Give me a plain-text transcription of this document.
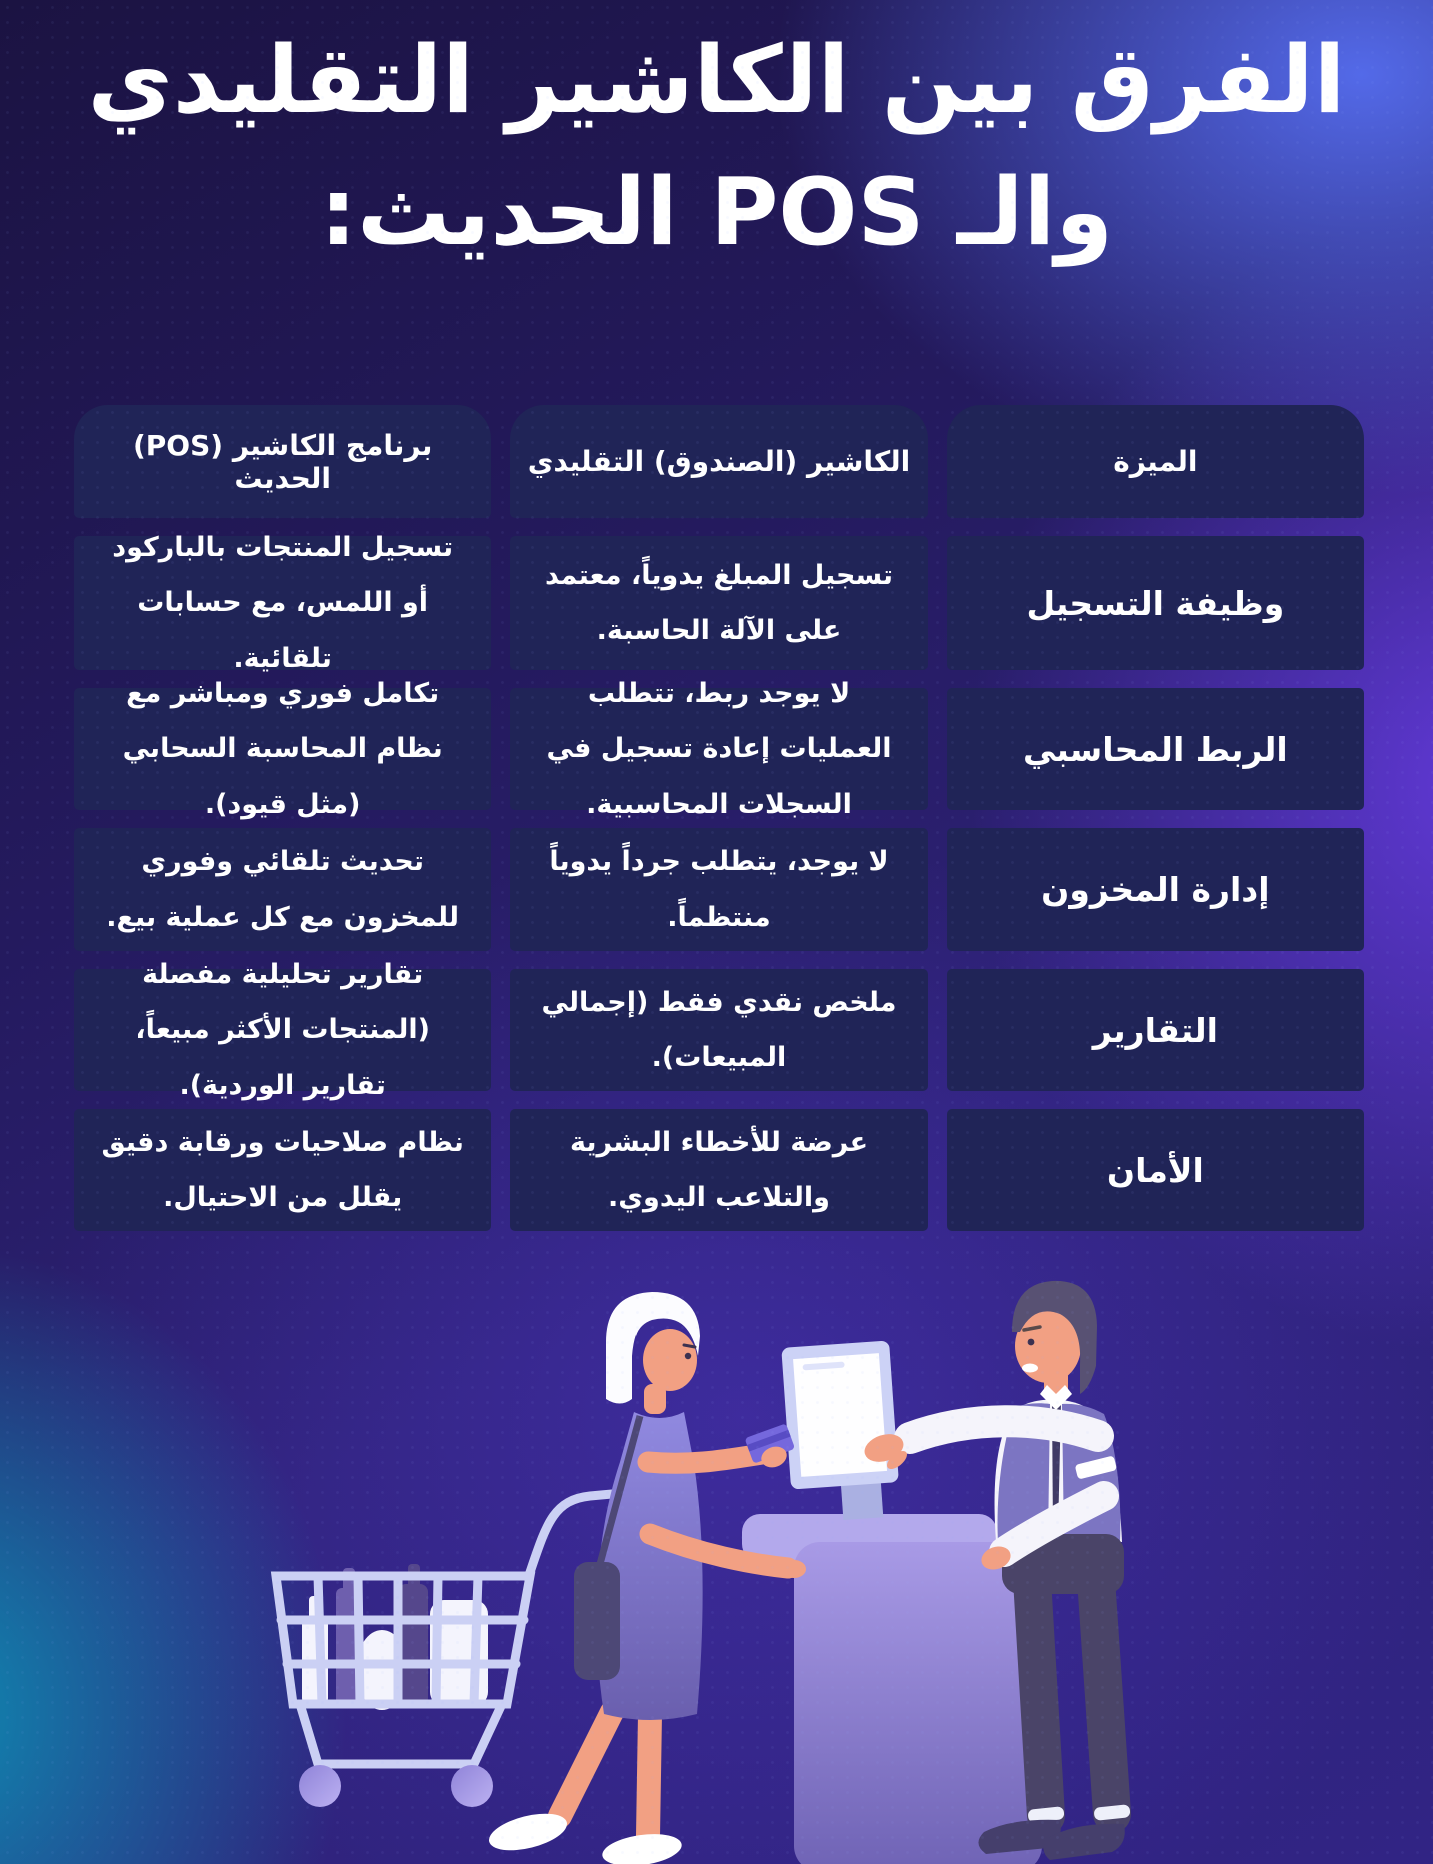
الفرق بين الكاشير التقليدي
والـ POS الحديث:
الميزة
الكاشير (الصندوق) التقليدي
برنامج الكاشير (POS) الحديث
وظيفة التسجيل
تسجيل المبلغ يدوياً، معتمد على الآلة الحاسبة.
تسجيل المنتجات بالباركود أو اللمس، مع حسابات تلقائية.
الربط المحاسبي
لا يوجد ربط، تتطلب العمليات إعادة تسجيل في السجلات المحاسبية.
تكامل فوري ومباشر مع نظام المحاسبة السحابي (مثل قيود).
إدارة المخزون
لا يوجد، يتطلب جرداً يدوياً منتظماً.
تحديث تلقائي وفوري للمخزون مع كل عملية بيع.
التقارير
ملخص نقدي فقط (إجمالي المبيعات).
تقارير تحليلية مفصلة (المنتجات الأكثر مبيعاً، تقارير الوردية).
الأمان
عرضة للأخطاء البشرية والتلاعب اليدوي.
نظام صلاحيات ورقابة دقيق يقلل من الاحتيال.
